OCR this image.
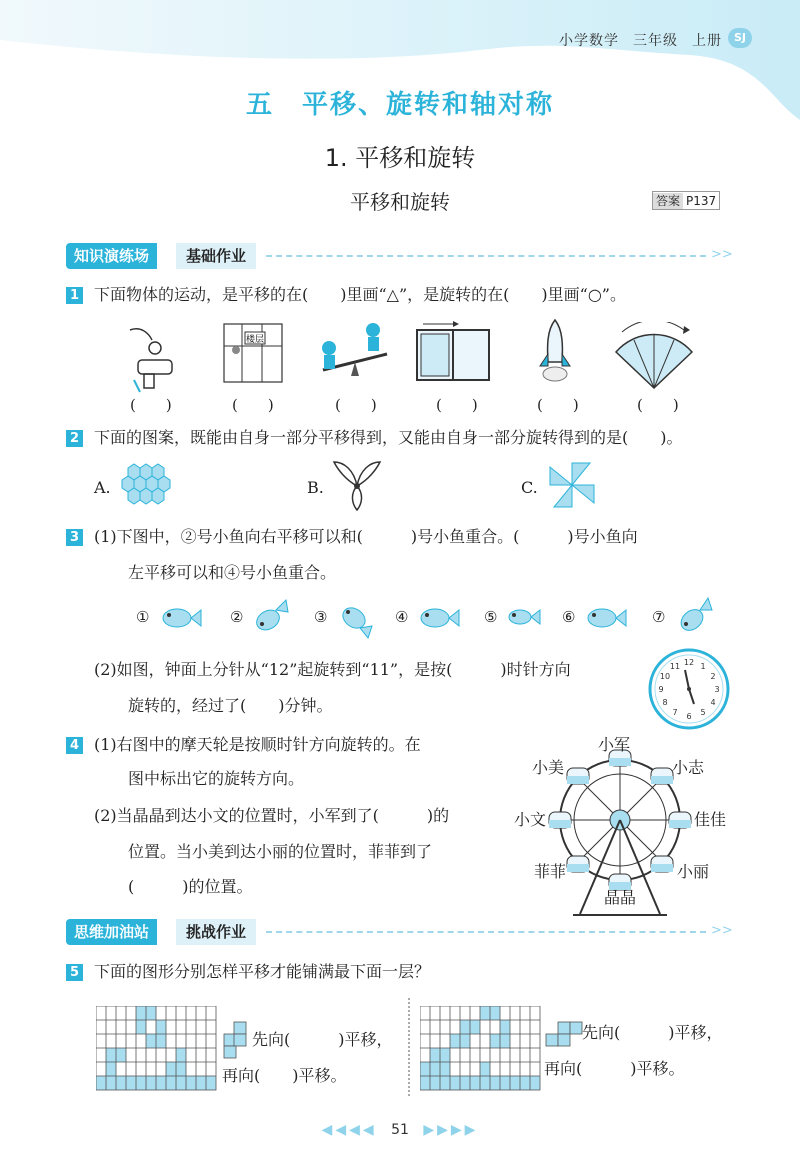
小学数学 三年级 上册	SJ
五　平移、旋转和轴对称
1. 平移和旋转
平移和旋转	答案 P137
知识演练场	基础作业	>>
1 下面物体的运动，是平移的在(　　)里画“△”，是旋转的在(　　)里画“○”。
楼层
(　　)	(　　)	(　　)	(　　)	(　　)	(　　)
2 下面的图案，既能由自身一部分平移得到，又能由自身一部分旋转得到的是(　　)。
A.	B.	C.
3 (1)下图中，②号小鱼向右平移可以和(　　　)号小鱼重合。(　　　)号小鱼向
左平移可以和④号小鱼重合。
①	②	③	④	⑤	⑥	⑦
(2)如图，钟面上分针从“12”起旋转到“11”，是按(　　　)时针方向
旋转的，经过了(　　)分钟。
12 1
2
3
4
5
6
7
8
9
10
11
4 (1)右图中的摩天轮是按顺时针方向旋转的。在
图中标出它的旋转方向。
(2)当晶晶到达小文的位置时，小军到了(　　　)的
位置。当小美到达小丽的位置时，菲菲到了
(　　　)的位置。
小军
小美	小志
小文	佳佳
菲菲	小丽
晶晶
思维加油站	挑战作业	>>
5 下面的图形分别怎样平移才能铺满最下面一层？
先向(　　　)平移，
再向(　　)平移。
先向(　　　)平移，
再向(　　　)平移。
◀◀◀◀ 51 ▶▶▶▶
